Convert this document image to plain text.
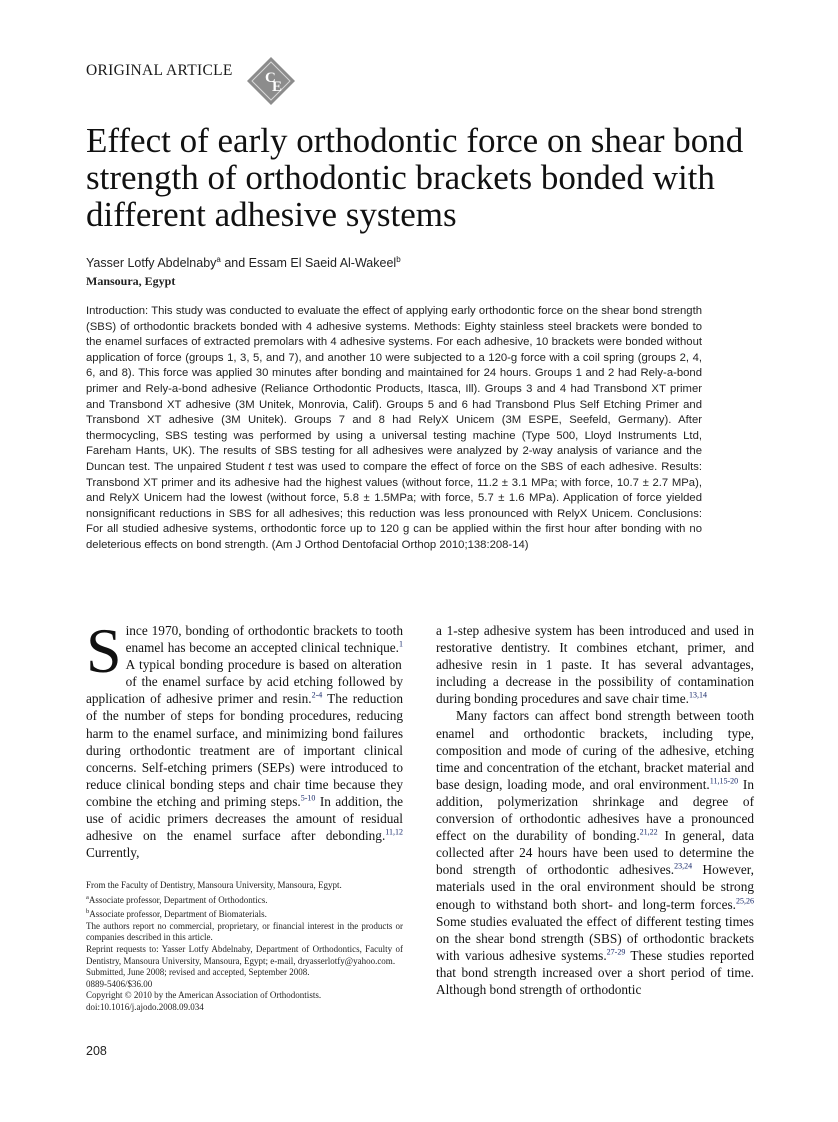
ORIGINAL ARTICLE C
E
Effect of early orthodontic force on shear bond strength of orthodontic brackets bonded with different adhesive systems
Yasser Lotfy Abdelnaby$^a$ and Essam El Saeid Al-Wakeel$^b$
Mansoura, Egypt

Introduction: This study was conducted to evaluate the effect of applying early orthodontic force on the shear bond strength (SBS) of orthodontic brackets bonded with 4 adhesive systems. Methods: Eighty stainless steel brackets were bonded to the enamel surfaces of extracted premolars with 4 adhesive systems. For each adhesive, 10 brackets were bonded without application of force (groups 1, 3, 5, and 7), and another 10 were subjected to a 120-g force with a coil spring (groups 2, 4, 6, and 8). This force was applied 30 minutes after bonding and maintained for 24 hours. Groups 1 and 2 had Rely-a-bond primer and Rely-a-bond adhesive (Reliance Orthodontic Products, Itasca, Ill). Groups 3 and 4 had Transbond XT primer and Transbond XT adhesive (3M Unitek, Monrovia, Calif). Groups 5 and 6 had Transbond Plus Self Etching Primer and Transbond XT adhesive (3M Unitek). Groups 7 and 8 had RelyX Unicem (3M ESPE, Seefeld, Germany). After thermocycling, SBS testing was performed by using a universal testing machine (Type 500, Lloyd Instruments Ltd, Fareham Hants, UK). The results of SBS testing for all adhesives were analyzed by 2-way analysis of variance and the Duncan test. The unpaired Student t test was used to compare the effect of force on the SBS of each adhesive. Results: Transbond XT primer and its adhesive had the highest values (without force, 11.2 ± 3.1 MPa; with force, 10.7 ± 2.7 MPa), and RelyX Unicem had the lowest (without force, 5.8 ± 1.5MPa; with force, 5.7 ± 1.6 MPa). Application of force yielded nonsignificant reductions in SBS for all adhesives; this reduction was less pronounced with RelyX Unicem. Conclusions: For all studied adhesive systems, orthodontic force up to 120 g can be applied within the first hour after bonding with no deleterious effects on bond strength. (Am J Orthod Dentofacial Orthop 2010;138:208-14)

Since 1970, bonding of orthodontic brackets to tooth enamel has become an accepted clinical technique.$^1$ A typical bonding procedure is based on alteration of the enamel surface by acid etching followed by application of adhesive primer and resin.$^{2-4}$ The reduction of the number of steps for bonding procedures, reducing harm to the enamel surface, and minimizing bond failures during orthodontic treatment are of important clinical concerns. Self-etching primers (SEPs) were introduced to reduce clinical bonding steps and chair time because they combine the etching and priming steps.$^{5-10}$ In addition, the use of acidic primers decreases the amount of residual adhesive on the enamel surface after debonding.$^{11,12}$ Currently,

a 1-step adhesive system has been introduced and used in restorative dentistry. It combines etchant, primer, and adhesive resin in 1 paste. It has several advantages, including a decrease in the possibility of contamination during bonding procedures and save chair time.$^{13,14}$

Many factors can affect bond strength between tooth enamel and orthodontic brackets, including type, composition and mode of curing of the adhesive, etching time and concentration of the etchant, bracket material and base design, loading mode, and oral environment.$^{11,15-20}$ In addition, polymerization shrinkage and degree of conversion of orthodontic adhesives have a pronounced effect on the durability of bonding.$^{21,22}$ In general, data collected after 24 hours have been used to determine the bond strength of orthodontic adhesives.$^{23,24}$ However, materials used in the oral environment should be strong enough to withstand both short- and long-term forces.$^{25,26}$ Some studies evaluated the effect of different testing times on the shear bond strength (SBS) of orthodontic brackets with various adhesive systems.$^{27-29}$ These studies reported that bond strength increased over a short period of time. Although bond strength of orthodontic

From the Faculty of Dentistry, Mansoura University, Mansoura, Egypt.

$^a$Associate professor, Department of Orthodontics.

$^b$Associate professor, Department of Biomaterials.

The authors report no commercial, proprietary, or financial interest in the products or companies described in this article.

Reprint requests to: Yasser Lotfy Abdelnaby, Department of Orthodontics, Faculty of Dentistry, Mansoura University, Mansoura, Egypt; e-mail, dryasserlotfy@yahoo.com.

Submitted, June 2008; revised and accepted, September 2008.

0889-5406/$36.00

Copyright © 2010 by the American Association of Orthodontists.

doi:10.1016/j.ajodo.2008.09.034

208
